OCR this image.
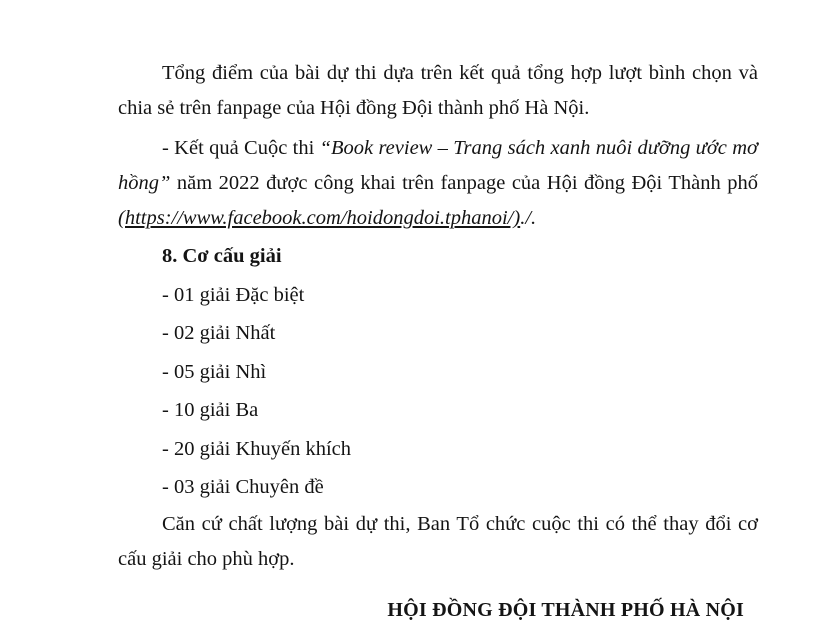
Tổng điểm của bài dự thi dựa trên kết quả tổng hợp lượt bình chọn và chia sẻ trên fanpage của Hội đồng Đội thành phố Hà Nội.

- Kết quả Cuộc thi “Book review – Trang sách xanh nuôi dưỡng ước mơ hồng” năm 2022 được công khai trên fanpage của Hội đồng Đội Thành phố (https://www.facebook.com/hoidongdoi.tphanoi/)./.

8. Cơ cấu giải

- 01 giải Đặc biệt

- 02 giải Nhất

- 05 giải Nhì

- 10 giải Ba

- 20 giải Khuyến khích

- 03 giải Chuyên đề

Căn cứ chất lượng bài dự thi, Ban Tổ chức cuộc thi có thể thay đổi cơ cấu giải cho phù hợp.

HỘI ĐỒNG ĐỘI THÀNH PHỐ HÀ NỘI
